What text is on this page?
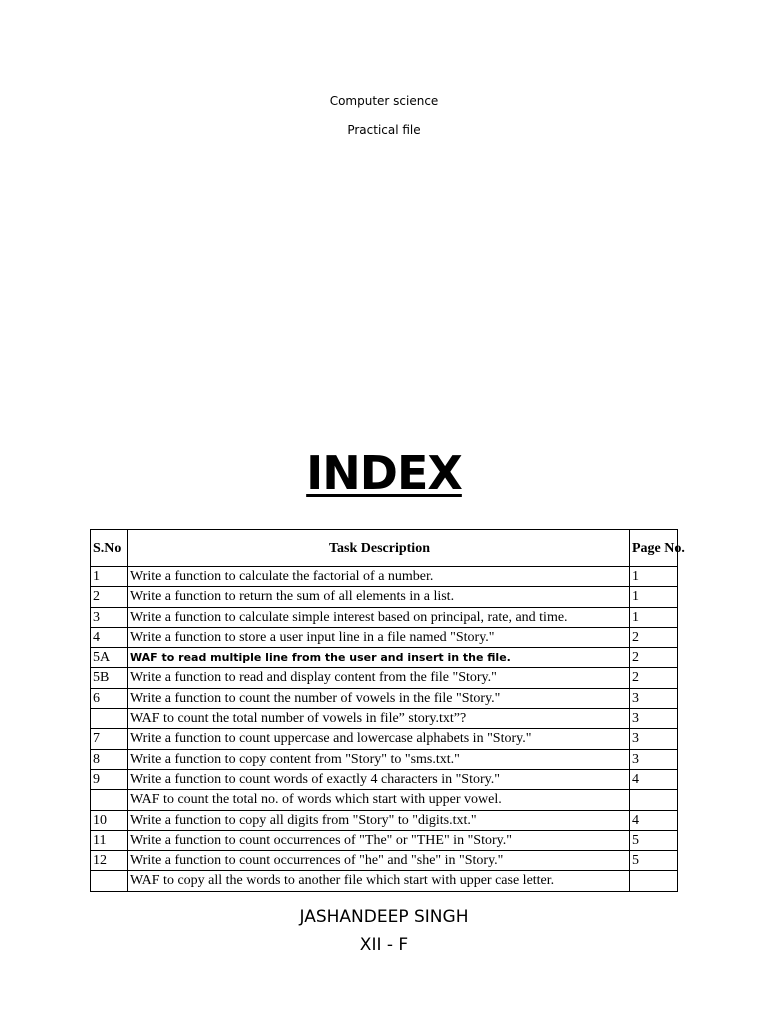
Computer science
Practical file
INDEX
S.No	Task Description	Page No.
1	Write a function to calculate the factorial of a number.	1
2	Write a function to return the sum of all elements in a list.	1
3	Write a function to calculate simple interest based on principal, rate, and time.	1
4	Write a function to store a user input line in a file named "Story."	2
5A	WAF to read multiple line from the user and insert in the file.	2
5B	Write a function to read and display content from the file "Story."	2
6	Write a function to count the number of vowels in the file "Story."	3
	WAF to count the total number of vowels in file” story.txt”?	3
7	Write a function to count uppercase and lowercase alphabets in "Story."	3
8	Write a function to copy content from "Story" to "sms.txt."	3
9	Write a function to count words of exactly 4 characters in "Story."	4
	WAF to count the total no. of words which start with upper vowel.	
10	Write a function to copy all digits from "Story" to "digits.txt."	4
11	Write a function to count occurrences of "The" or "THE" in "Story."	5
12	Write a function to count occurrences of "he" and "she" in "Story."	5
	WAF to copy all the words to another file which start with upper case letter.	
JASHANDEEP SINGH
XII - F
